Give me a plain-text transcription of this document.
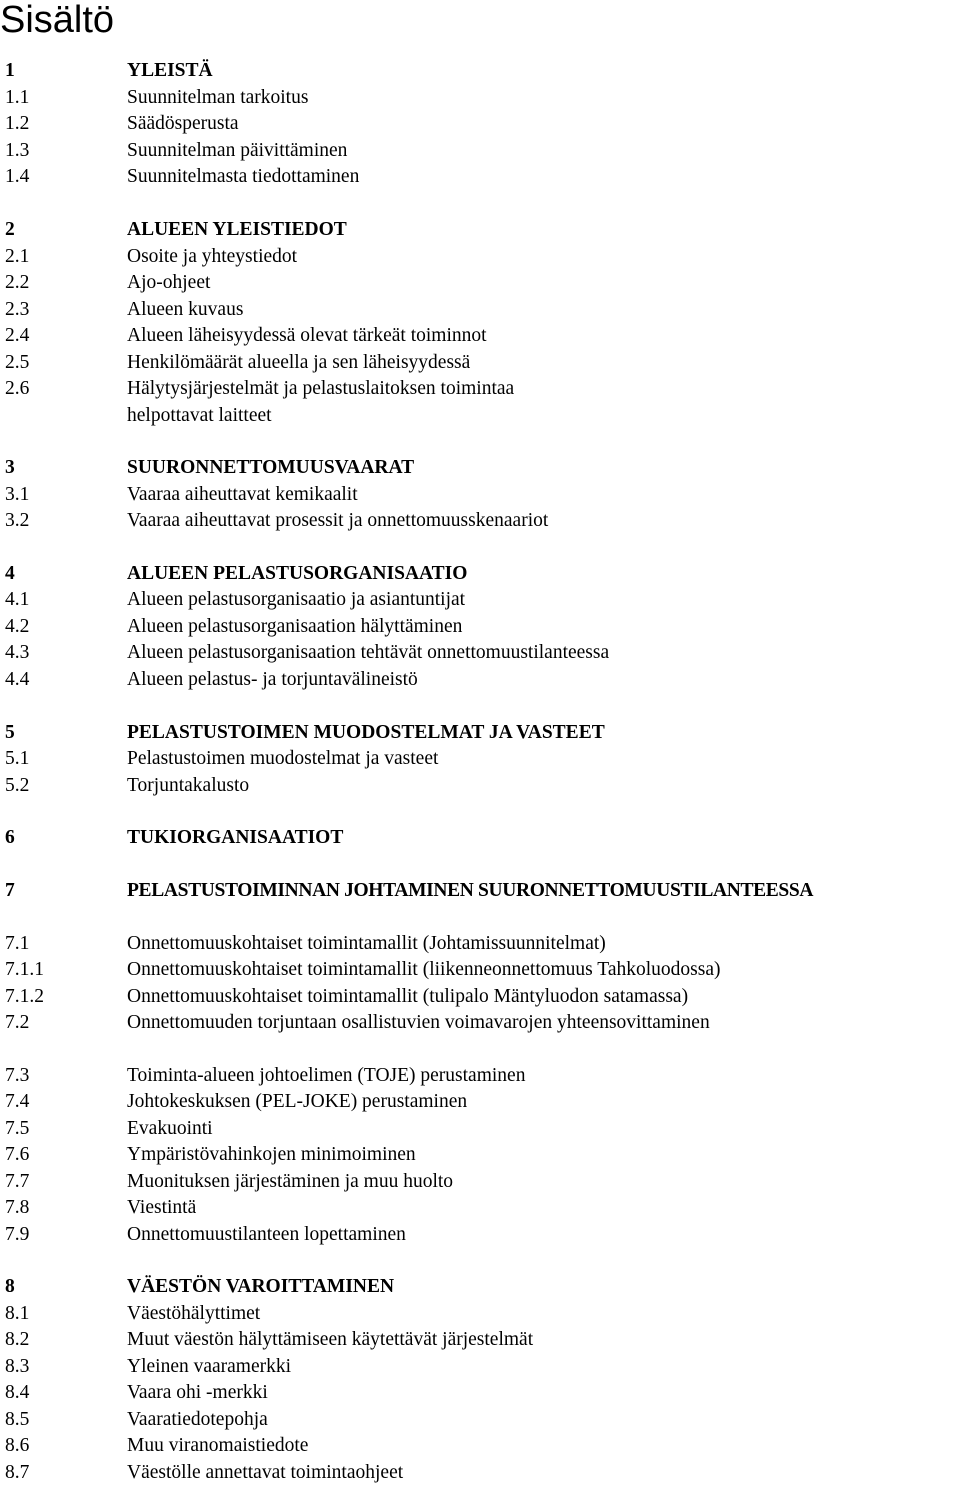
Sisältö
1	YLEISTÄ
1.1	Suunnitelman tarkoitus
1.2	Säädösperusta
1.3	Suunnitelman päivittäminen
1.4	Suunnitelmasta tiedottaminen
2	ALUEEN YLEISTIEDOT
2.1	Osoite ja yhteystiedot
2.2	Ajo-ohjeet
2.3	Alueen kuvaus
2.4	Alueen läheisyydessä olevat tärkeät toiminnot
2.5	Henkilömäärät alueella ja sen läheisyydessä
2.6	Hälytysjärjestelmät ja pelastuslaitoksen toimintaa
helpottavat laitteet
3	SUURONNETTOMUUSVAARAT
3.1	Vaaraa aiheuttavat kemikaalit
3.2	Vaaraa aiheuttavat prosessit ja onnettomuusskenaariot
4	ALUEEN PELASTUSORGANISAATIO
4.1	Alueen pelastusorganisaatio ja asiantuntijat
4.2	Alueen pelastusorganisaation hälyttäminen
4.3	Alueen pelastusorganisaation tehtävät onnettomuustilanteessa
4.4	Alueen pelastus- ja torjuntavälineistö
5	PELASTUSTOIMEN MUODOSTELMAT JA VASTEET
5.1	Pelastustoimen muodostelmat ja vasteet
5.2	Torjuntakalusto
6	TUKIORGANISAATIOT
7	PELASTUSTOIMINNAN JOHTAMINEN SUURONNETTOMUUSTILANTEESSA
7.1	Onnettomuuskohtaiset toimintamallit (Johtamissuunnitelmat)
7.1.1	Onnettomuuskohtaiset toimintamallit (liikenneonnettomuus Tahkoluodossa)
7.1.2	Onnettomuuskohtaiset toimintamallit (tulipalo Mäntyluodon satamassa)
7.2	Onnettomuuden torjuntaan osallistuvien voimavarojen yhteensovittaminen
7.3	Toiminta-alueen johtoelimen (TOJE) perustaminen
7.4	Johtokeskuksen (PEL-JOKE) perustaminen
7.5	Evakuointi
7.6	Ympäristövahinkojen minimoiminen
7.7	Muonituksen järjestäminen ja muu huolto
7.8	Viestintä
7.9	Onnettomuustilanteen lopettaminen
8	VÄESTÖN VAROITTAMINEN
8.1	Väestöhälyttimet
8.2	Muut väestön hälyttämiseen käytettävät järjestelmät
8.3	Yleinen vaaramerkki
8.4	Vaara ohi -merkki
8.5	Vaaratiedotepohja
8.6	Muu viranomaistiedote
8.7	Väestölle annettavat toimintaohjeet
